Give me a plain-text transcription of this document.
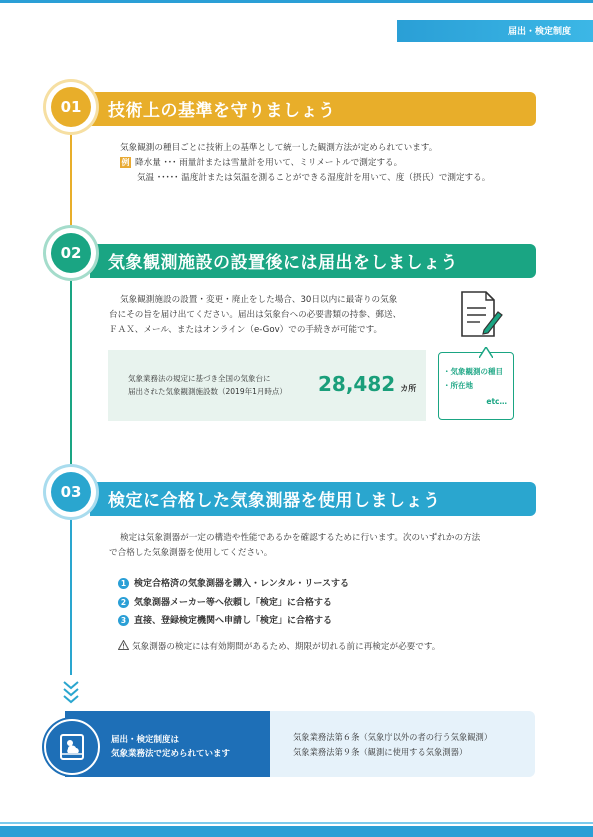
届出・検定制度
技術上の基準を守りましょう
01
気象観測の種目ごとに技術上の基準として統一した観測方法が定められています。
例 降水量 ･･･ 雨量計または雪量計を用いて、ミリメートルで測定する。
気温 ･････ 温度計または気温を測ることができる湿度計を用いて、度（摂氏）で測定する。
気象観測施設の設置後には届出をしましょう
02
気象観測施設の設置・変更・廃止をした場合、30日以内に最寄りの気象
台にその旨を届け出てください。届出は気象台への必要書類の持参、郵送、
ＦＡＸ、メール、またはオンライン（e-Gov）での手続きが可能です。
気象業務法の規定に基づき全国の気象台に
届出された気象観測施設数（2019年1月時点） 28,482 カ所
・気象観測の種目
・所在地
etc…
検定に合格した気象測器を使用しましょう
03
検定は気象測器が一定の構造や性能であるかを確認するために行います。次のいずれかの方法
で合格した気象測器を使用してください。
1 検定合格済の気象測器を購入・レンタル・リースする
2 気象測器メーカー等へ依頼し「検定」に合格する
3 直接、登録検定機関へ申請し「検定」に合格する
気象測器の検定には有効期間があるため、期限が切れる前に再検定が必要です。
届出・検定制度は
気象業務法で定められています
気象業務法第６条（気象庁以外の者の行う気象観測）
気象業務法第９条（観測に使用する気象測器）
